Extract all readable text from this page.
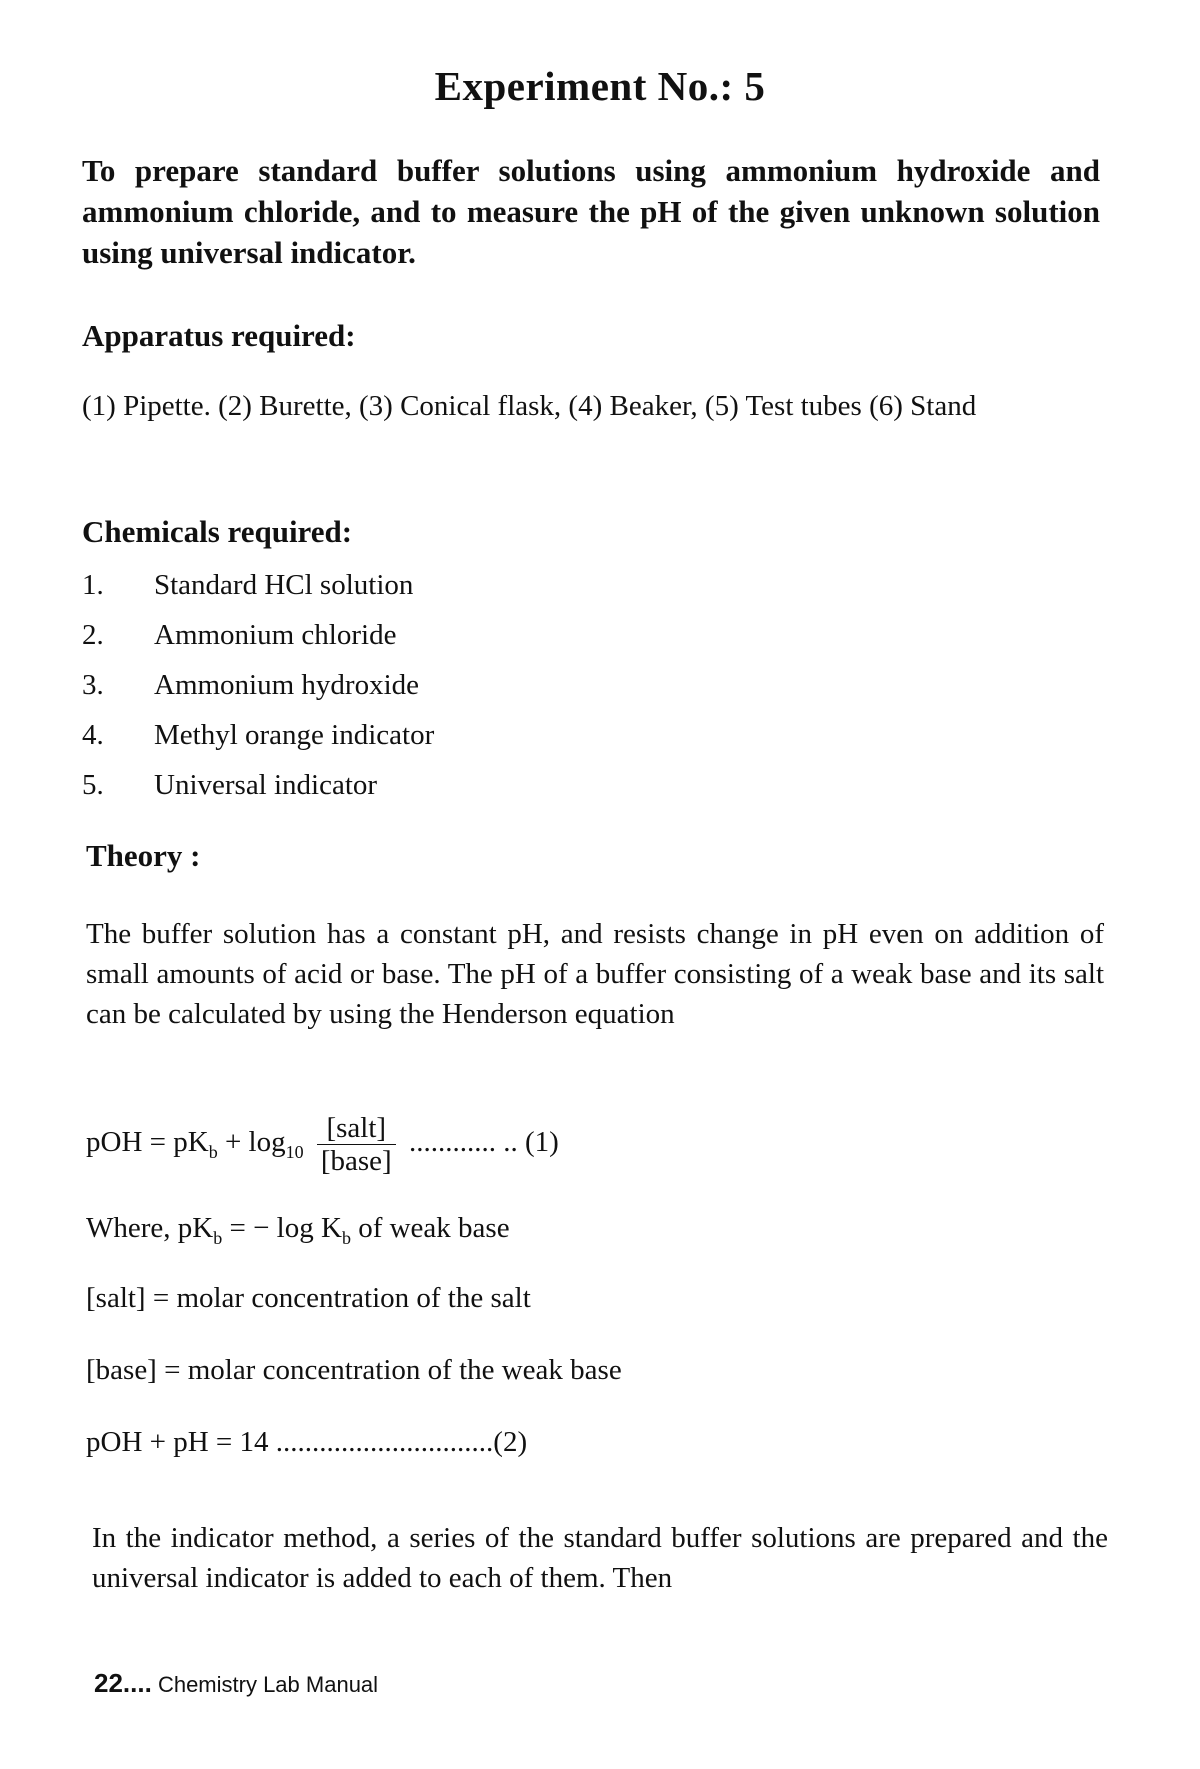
Experiment No.: 5
To prepare standard buffer solutions using ammonium hydroxide and ammonium chloride, and to measure the pH of the given unknown solution using universal indicator.
Apparatus required:
(1) Pipette. (2) Burette, (3) Conical flask, (4) Beaker, (5) Test tubes (6) Stand
Chemicals required:
1.	Standard HCl solution
2.	Ammonium chloride
3.	Ammonium hydroxide
4.	Methyl orange indicator
5.	Universal indicator
Theory :
The buffer solution has a constant pH, and resists change in pH even on addition of small amounts of acid or base. The pH of a buffer consisting of a weak base and its salt can be calculated by using the Henderson equation
pOH = $pK_b + \log_{10} \frac{\text{[salt]}}{\text{[base]}}$ ............ .. (1)
Where, $pK_b$ = − $\log K_b$ of weak base
[salt] = molar concentration of the salt
[base] = molar concentration of the weak base
pOH + pH = 14 ..............................(2)
In the indicator method, a series of the standard buffer solutions are prepared and the universal indicator is added to each of them. Then
22.... Chemistry Lab Manual
